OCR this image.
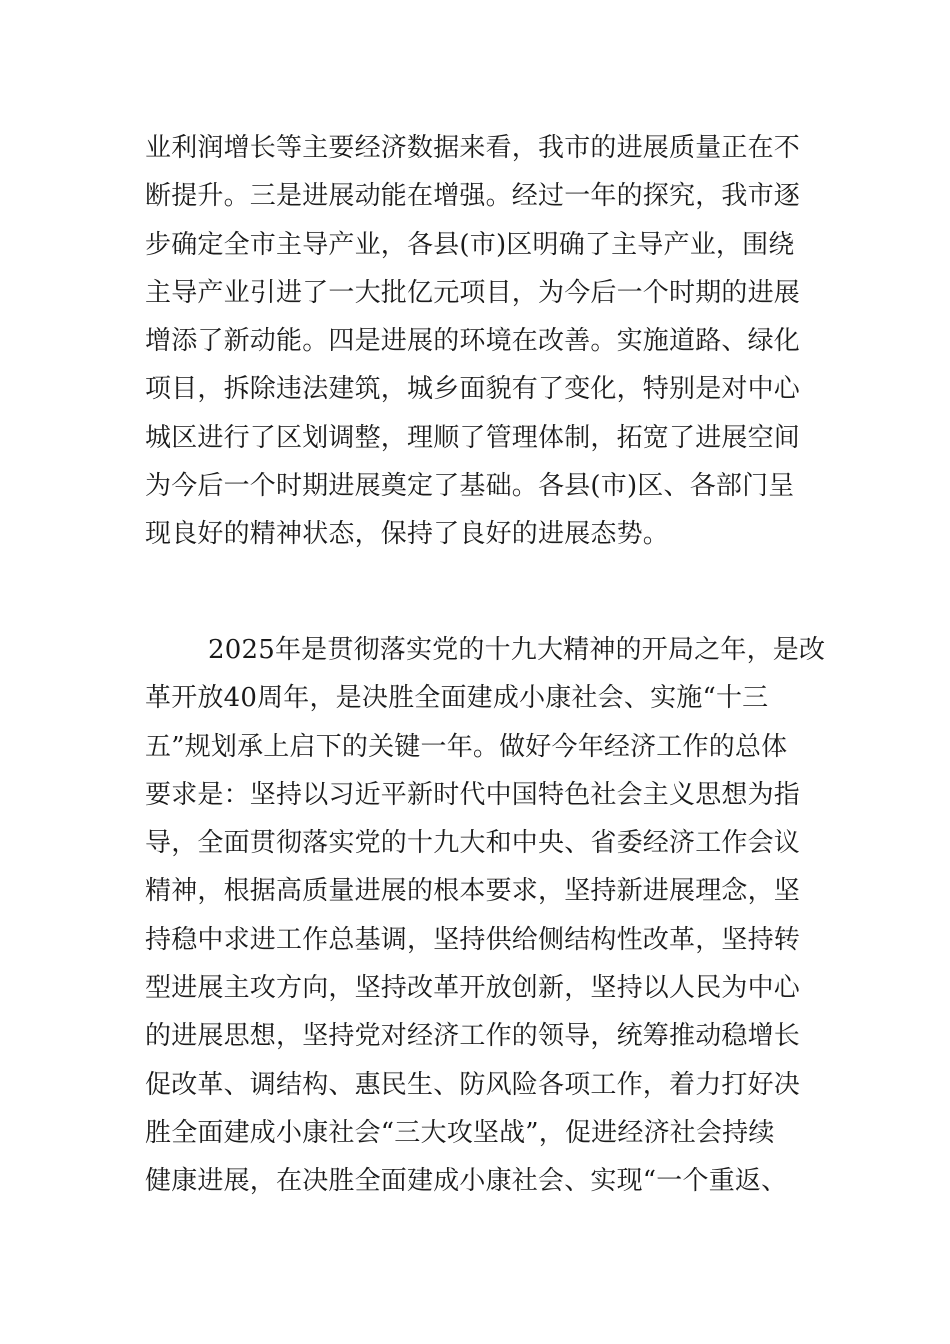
业利润增长等主要经济数据来看，我市的进展质量正在不
断提升。三是进展动能在增强。经过一年的探究，我市逐
步确定全市主导产业，各县(市)区明确了主导产业，围绕
主导产业引进了一大批亿元项目，为今后一个时期的进展
增添了新动能。四是进展的环境在改善。实施道路、绿化
项目，拆除违法建筑，城乡面貌有了变化，特别是对中心
城区进行了区划调整，理顺了管理体制，拓宽了进展空间
为今后一个时期进展奠定了基础。各县(市)区、各部门呈
现良好的精神状态，保持了良好的进展态势。
2025年是贯彻落实党的十九大精神的开局之年，是改
革开放40周年，是决胜全面建成小康社会、实施“十三
五”规划承上启下的关键一年。做好今年经济工作的总体
要求是：坚持以习近平新时代中国特色社会主义思想为指
导，全面贯彻落实党的十九大和中央、省委经济工作会议
精神，根据高质量进展的根本要求，坚持新进展理念，坚
持稳中求进工作总基调，坚持供给侧结构性改革，坚持转
型进展主攻方向，坚持改革开放创新，坚持以人民为中心
的进展思想，坚持党对经济工作的领导，统筹推动稳增长
促改革、调结构、惠民生、防风险各项工作，着力打好决
胜全面建成小康社会“三大攻坚战”，促进经济社会持续
健康进展，在决胜全面建成小康社会、实现“一个重返、
